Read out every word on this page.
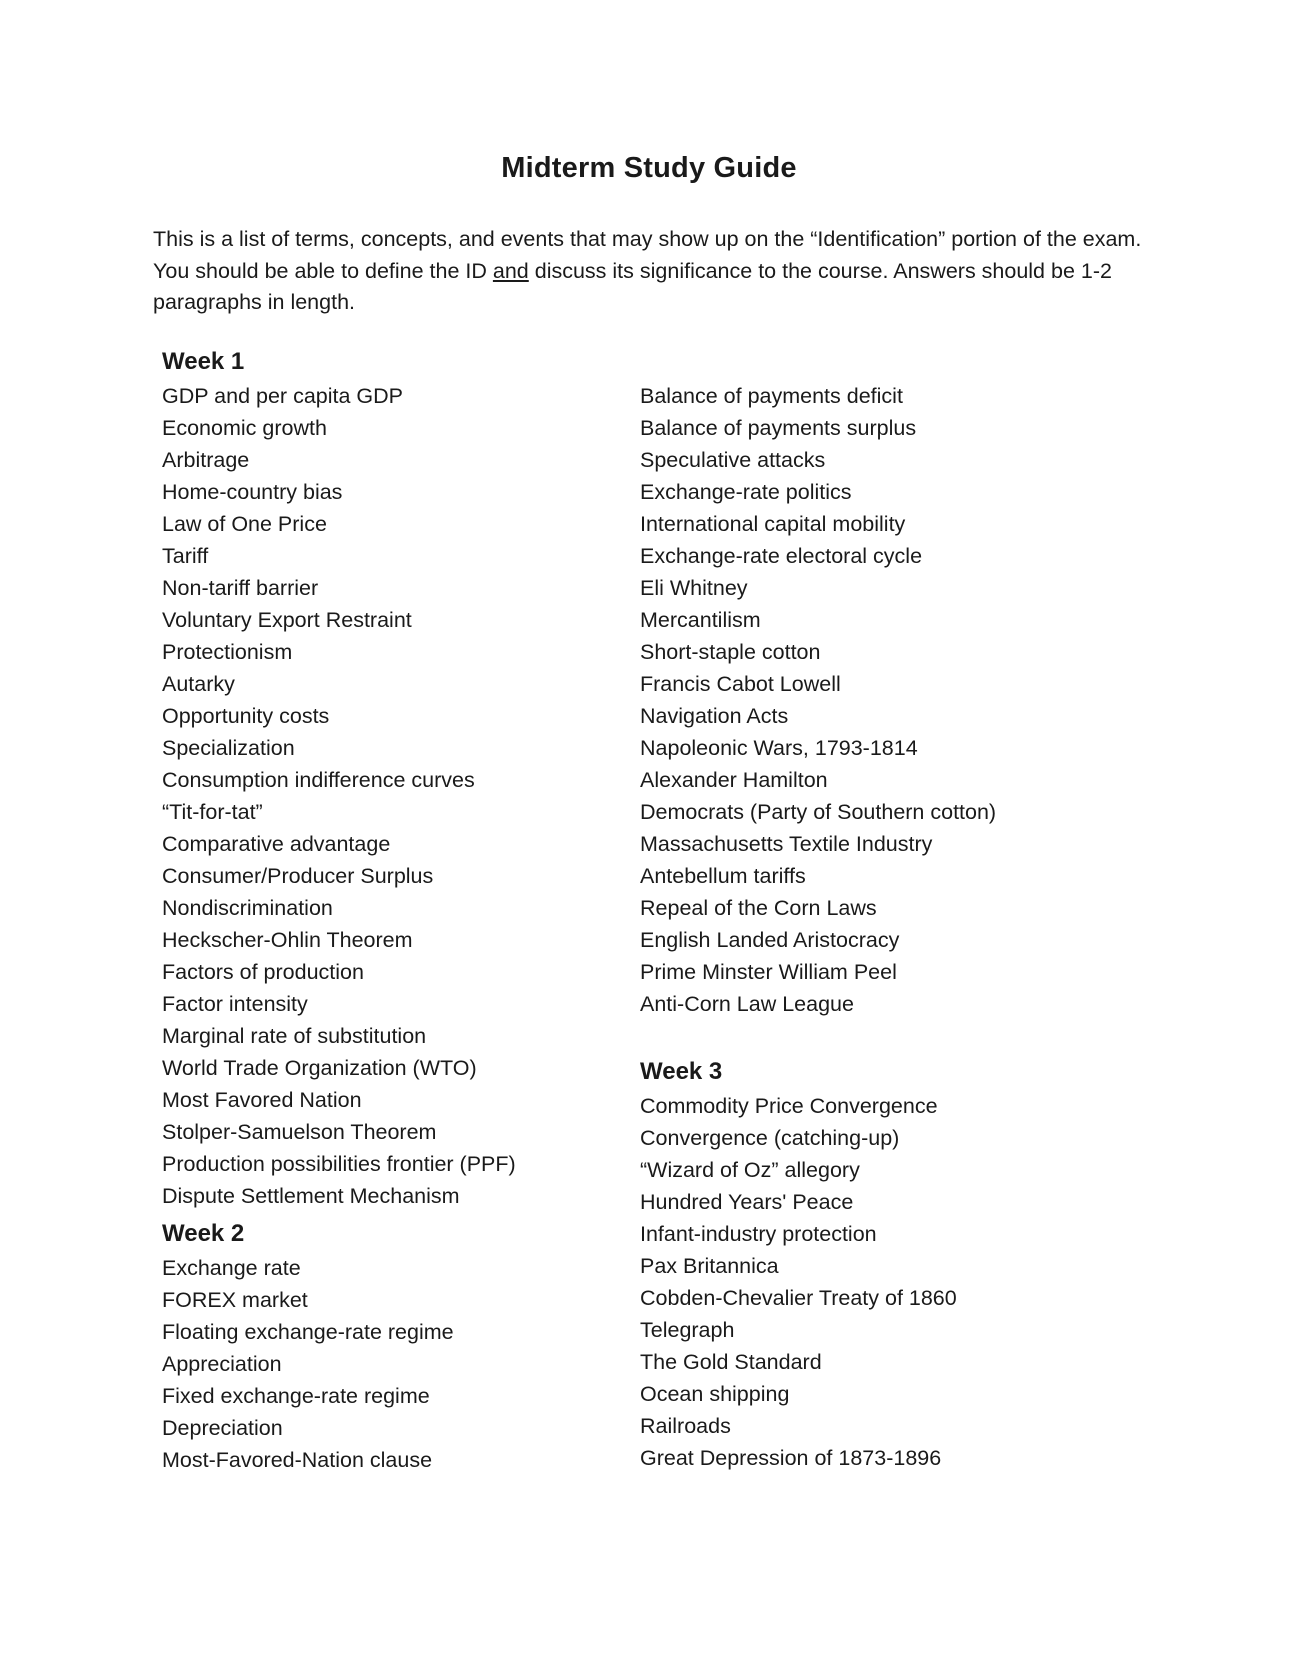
Midterm Study Guide
This is a list of terms, concepts, and events that may show up on the “Identification” portion of the exam. You should be able to define the ID and discuss its significance to the course. Answers should be 1-2 paragraphs in length.
Week 1
GDP and per capita GDP
Economic growth
Arbitrage
Home-country bias
Law of One Price
Tariff
Non-tariff barrier
Voluntary Export Restraint
Protectionism
Autarky
Opportunity costs
Specialization
Consumption indifference curves
“Tit-for-tat”
Comparative advantage
Consumer/Producer Surplus
Nondiscrimination
Heckscher-Ohlin Theorem
Factors of production
Factor intensity
Marginal rate of substitution
World Trade Organization (WTO)
Most Favored Nation
Stolper-Samuelson Theorem
Production possibilities frontier (PPF)
Dispute Settlement Mechanism
Week 2
Exchange rate
FOREX market
Floating exchange-rate regime
Appreciation
Fixed exchange-rate regime
Depreciation
Most-Favored-Nation clause
Balance of payments deficit
Balance of payments surplus
Speculative attacks
Exchange-rate politics
International capital mobility
Exchange-rate electoral cycle
Eli Whitney
Mercantilism
Short-staple cotton
Francis Cabot Lowell
Navigation Acts
Napoleonic Wars, 1793-1814
Alexander Hamilton
Democrats (Party of Southern cotton)
Massachusetts Textile Industry
Antebellum tariffs
Repeal of the Corn Laws
English Landed Aristocracy
Prime Minster William Peel
Anti-Corn Law League
Week 3
Commodity Price Convergence
Convergence (catching-up)
“Wizard of Oz” allegory
Hundred Years' Peace
Infant-industry protection
Pax Britannica
Cobden-Chevalier Treaty of 1860
Telegraph
The Gold Standard
Ocean shipping
Railroads
Great Depression of 1873-1896
